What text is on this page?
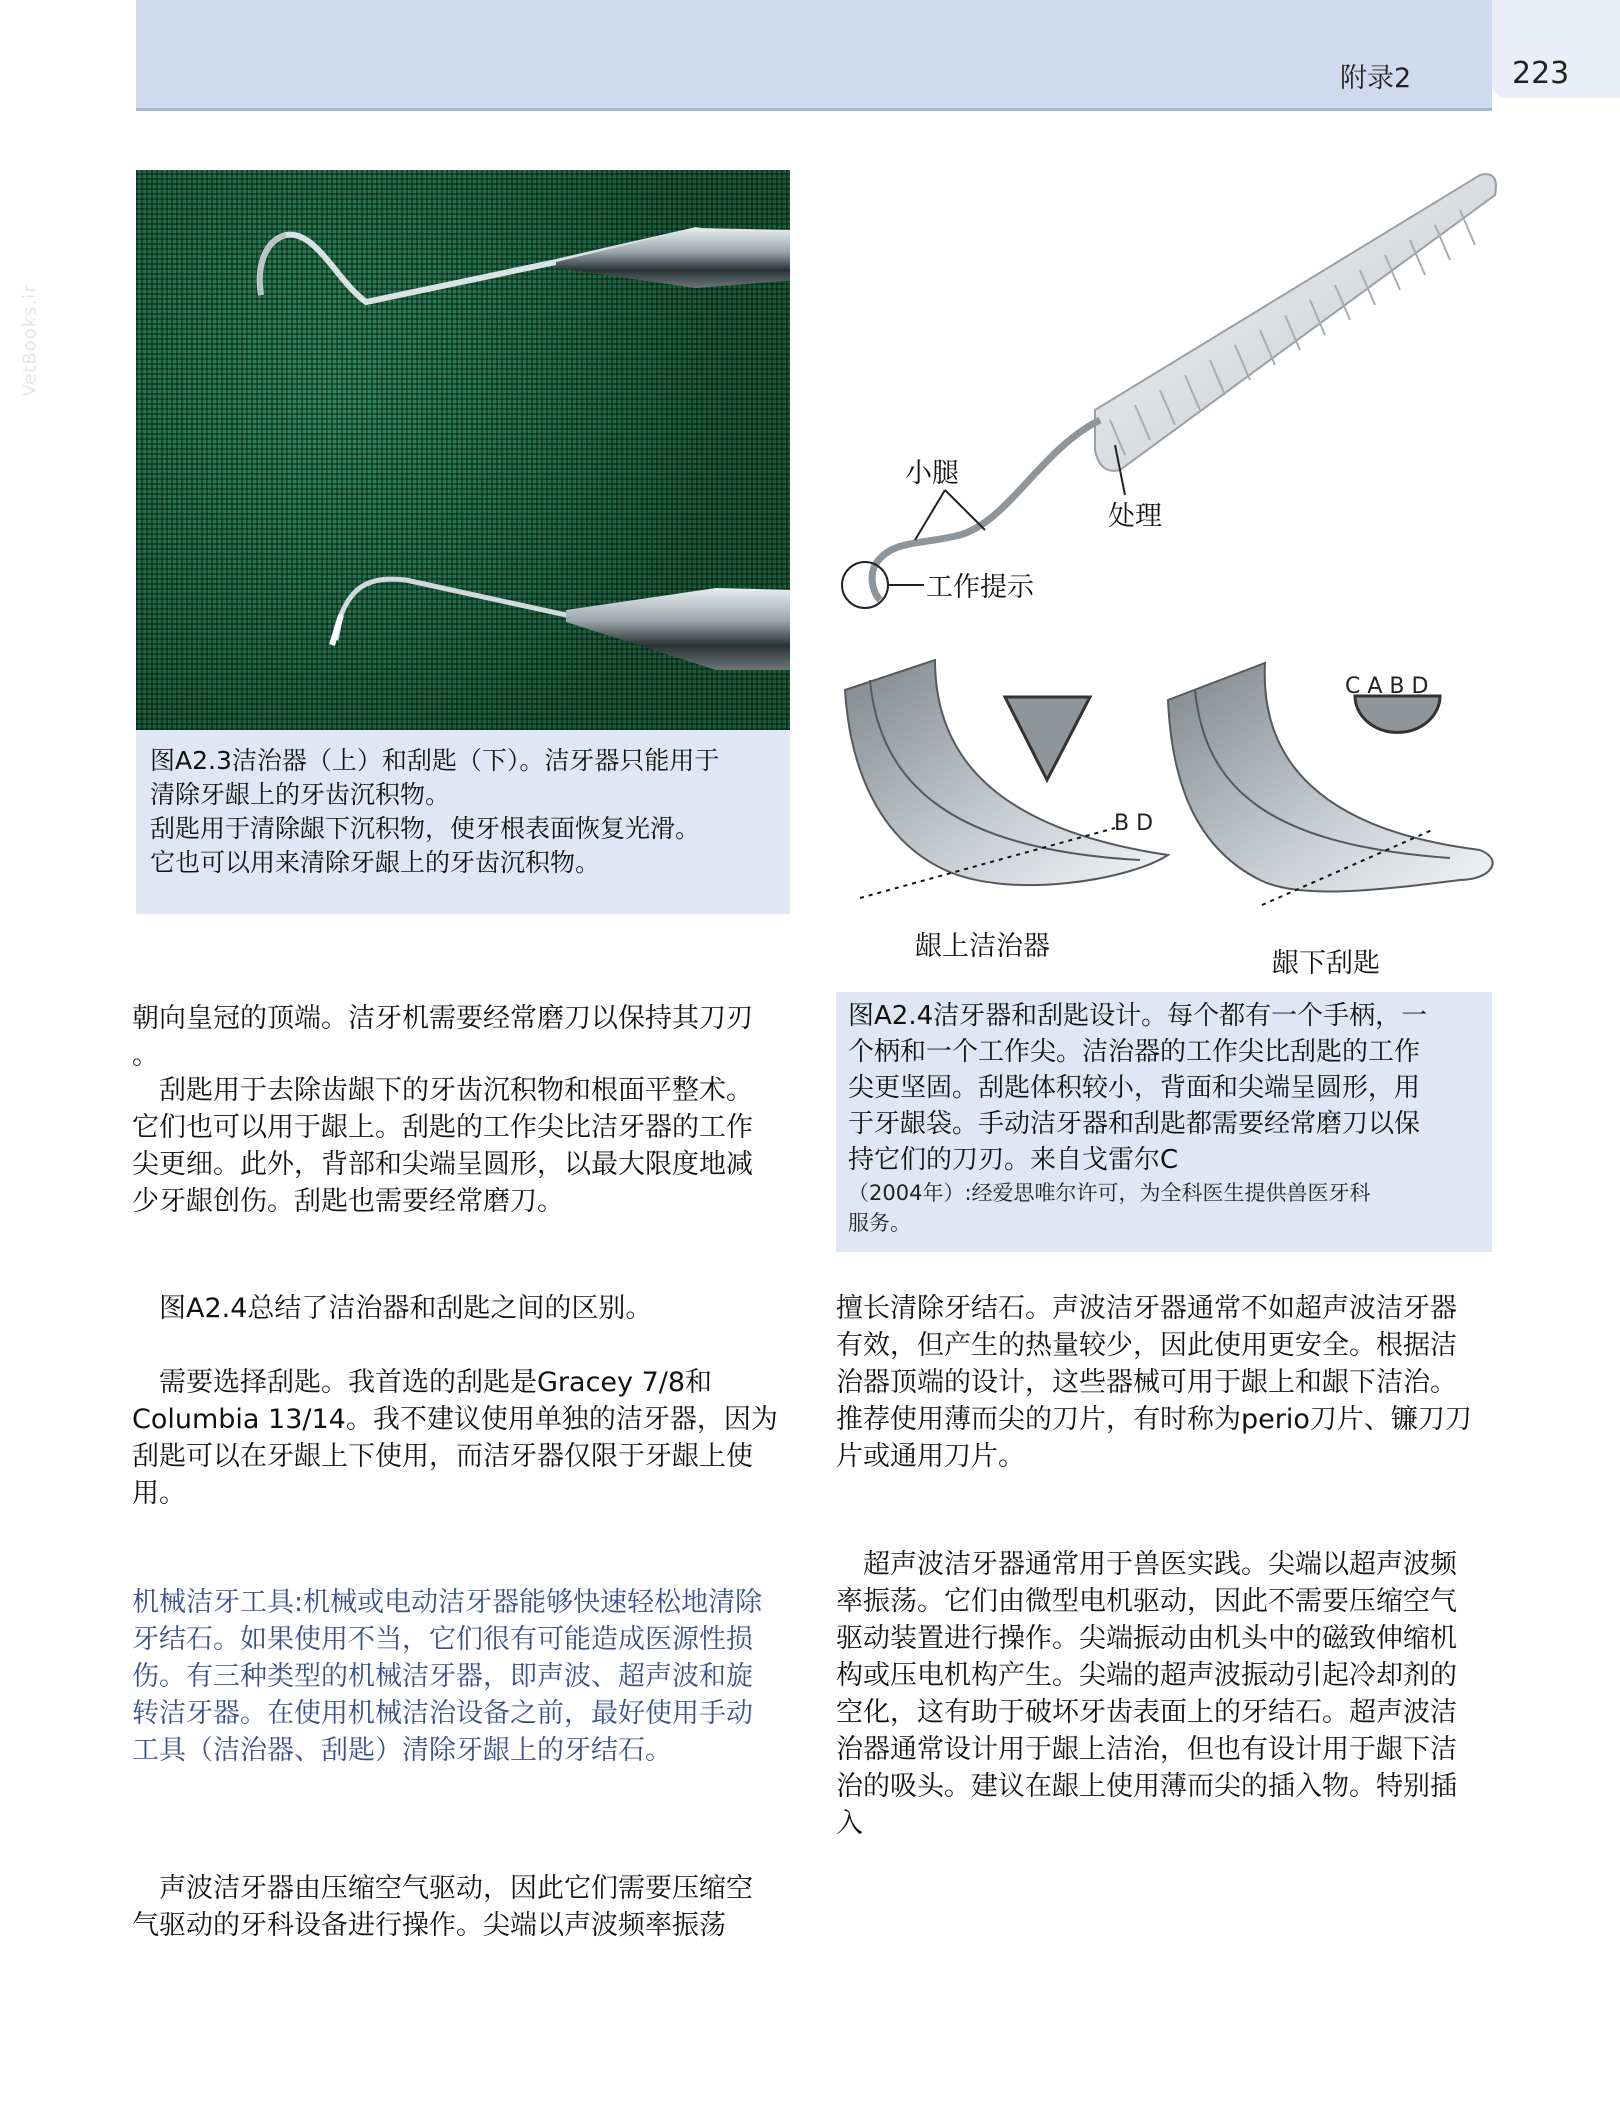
附录2	223
VetBooks.ir
图A2.3洁治器（上）和刮匙（下）。洁牙器只能用于
清除牙龈上的牙齿沉积物。
刮匙用于清除龈下沉积物，使牙根表面恢复光滑。
它也可以用来清除牙龈上的牙齿沉积物。
小腿
处理
工作提示
B D
龈上洁治器
C A B D
龈下刮匙
图A2.4洁牙器和刮匙设计。每个都有一个手柄，一
个柄和一个工作尖。洁治器的工作尖比刮匙的工作
尖更坚固。刮匙体积较小，背面和尖端呈圆形，用
于牙龈袋。手动洁牙器和刮匙都需要经常磨刀以保
持它们的刀刃。来自戈雷尔C
（2004年）:经爱思唯尔许可，为全科医生提供兽医牙科
服务。
朝向皇冠的顶端。洁牙机需要经常磨刀以保持其刀刃
。
　刮匙用于去除齿龈下的牙齿沉积物和根面平整术。
它们也可以用于龈上。刮匙的工作尖比洁牙器的工作
尖更细。此外，背部和尖端呈圆形，以最大限度地减
少牙龈创伤。刮匙也需要经常磨刀。
　图A2.4总结了洁治器和刮匙之间的区别。
　需要选择刮匙。我首选的刮匙是Gracey 7/8和
Columbia 13/14。我不建议使用单独的洁牙器，因为
刮匙可以在牙龈上下使用，而洁牙器仅限于牙龈上使
用。
机械洁牙工具:机械或电动洁牙器能够快速轻松地清除
牙结石。如果使用不当，它们很有可能造成医源性损
伤。有三种类型的机械洁牙器，即声波、超声波和旋
转洁牙器。在使用机械洁治设备之前，最好使用手动
工具（洁治器、刮匙）清除牙龈上的牙结石。
　声波洁牙器由压缩空气驱动，因此它们需要压缩空
气驱动的牙科设备进行操作。尖端以声波频率振荡
擅长清除牙结石。声波洁牙器通常不如超声波洁牙器
有效，但产生的热量较少，因此使用更安全。根据洁
治器顶端的设计，这些器械可用于龈上和龈下洁治。
推荐使用薄而尖的刀片，有时称为perio刀片、镰刀刀
片或通用刀片。
　超声波洁牙器通常用于兽医实践。尖端以超声波频
率振荡。它们由微型电机驱动，因此不需要压缩空气
驱动装置进行操作。尖端振动由机头中的磁致伸缩机
构或压电机构产生。尖端的超声波振动引起冷却剂的
空化，这有助于破坏牙齿表面上的牙结石。超声波洁
治器通常设计用于龈上洁治，但也有设计用于龈下洁
治的吸头。建议在龈上使用薄而尖的插入物。特别插
入
